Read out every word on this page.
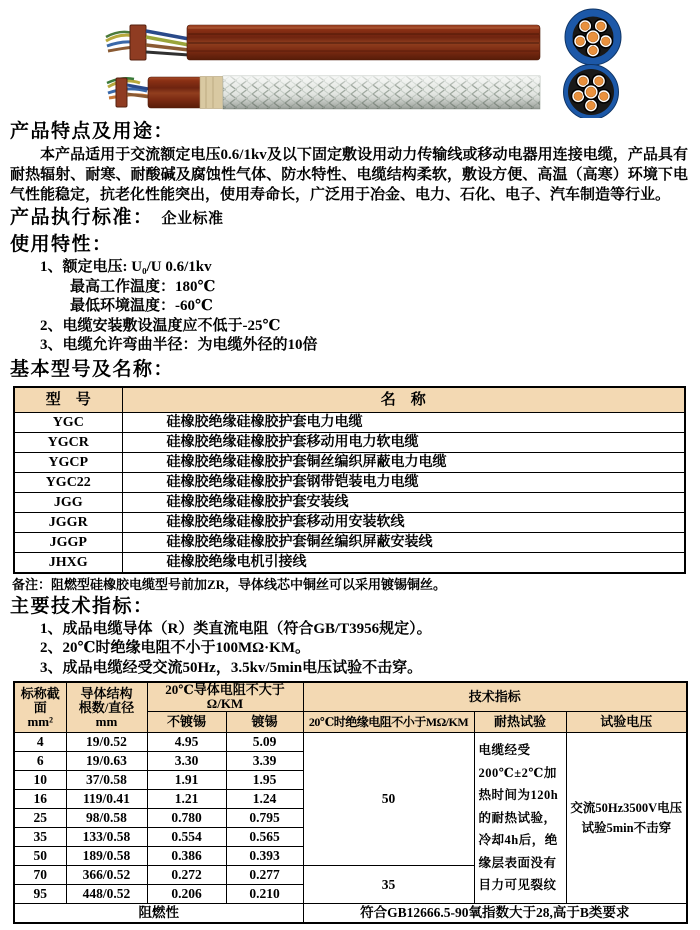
产品特点及用途：

本产品适用于交流额定电压0.6/1kv及以下固定敷设用动力传输线或移动电器用连接电缆，产品具有耐热辐射、耐寒、耐酸碱及腐蚀性气体、防水特性、电缆结构柔软，敷设方便、高温（高寒）环境下电气性能稳定，抗老化性能突出，使用寿命长，广泛用于冶金、电力、石化、电子、汽车制造等行业。

产品执行标准： 企业标准
使用特性：
1、额定电压: U₀/U 0.6/1kv
最高工作温度：180℃
最低环境温度：-60℃
2、电缆安装敷设温度应不低于-25℃
3、电缆允许弯曲半径：为电缆外径的10倍
基本型号及名称：
型　号	名　称
YGC	硅橡胶绝缘硅橡胶护套电力电缆
YGCR	硅橡胶绝缘硅橡胶护套移动用电力软电缆
YGCP	硅橡胶绝缘硅橡胶护套铜丝编织屏蔽电力电缆
YGC22	硅橡胶绝缘硅橡胶护套钢带铠装电力电缆
JGG	硅橡胶绝缘硅橡胶护套安装线
JGGR	硅橡胶绝缘硅橡胶护套移动用安装软线
JGGP	硅橡胶绝缘硅橡胶护套铜丝编织屏蔽安装线
JHXG	硅橡胶绝缘电机引接线
备注：阻燃型硅橡胶电缆型号前加ZR，导体线芯中铜丝可以采用镀锡铜丝。
主要技术指标：
1、成品电缆导体（R）类直流电阻（符合GB/T3956规定）。
2、20℃时绝缘电阻不小于100MΩ·KM。
3、成品电缆经受交流50Hz，3.5kv/5min电压试验不击穿。
标称截面
mm²	导体结构
根数/直径
mm	20℃导体电阻不大于Ω/KM		技术指标		
		不镀锡	镀锡	20℃时绝缘电阻不小于MΩ/KM	耐热试验	试验电压
4	19/0.52	4.95	5.09	50	电缆经受200℃±2℃加热时间为120h的耐热试验，冷却4h后，绝缘层表面没有目力可见裂纹	交流50Hz3500V电压试验5min不击穿
6	19/0.63	3.30	3.39			
10	37/0.58	1.91	1.95			
16	119/0.41	1.21	1.24			
25	98/0.58	0.780	0.795			
35	133/0.58	0.554	0.565			
50	189/0.58	0.386	0.393			
70	366/0.52	0.272	0.277	35		
95	448/0.52	0.206	0.210			
阻燃性				符合GB12666.5-90氧指数大于28,高于B类要求		
